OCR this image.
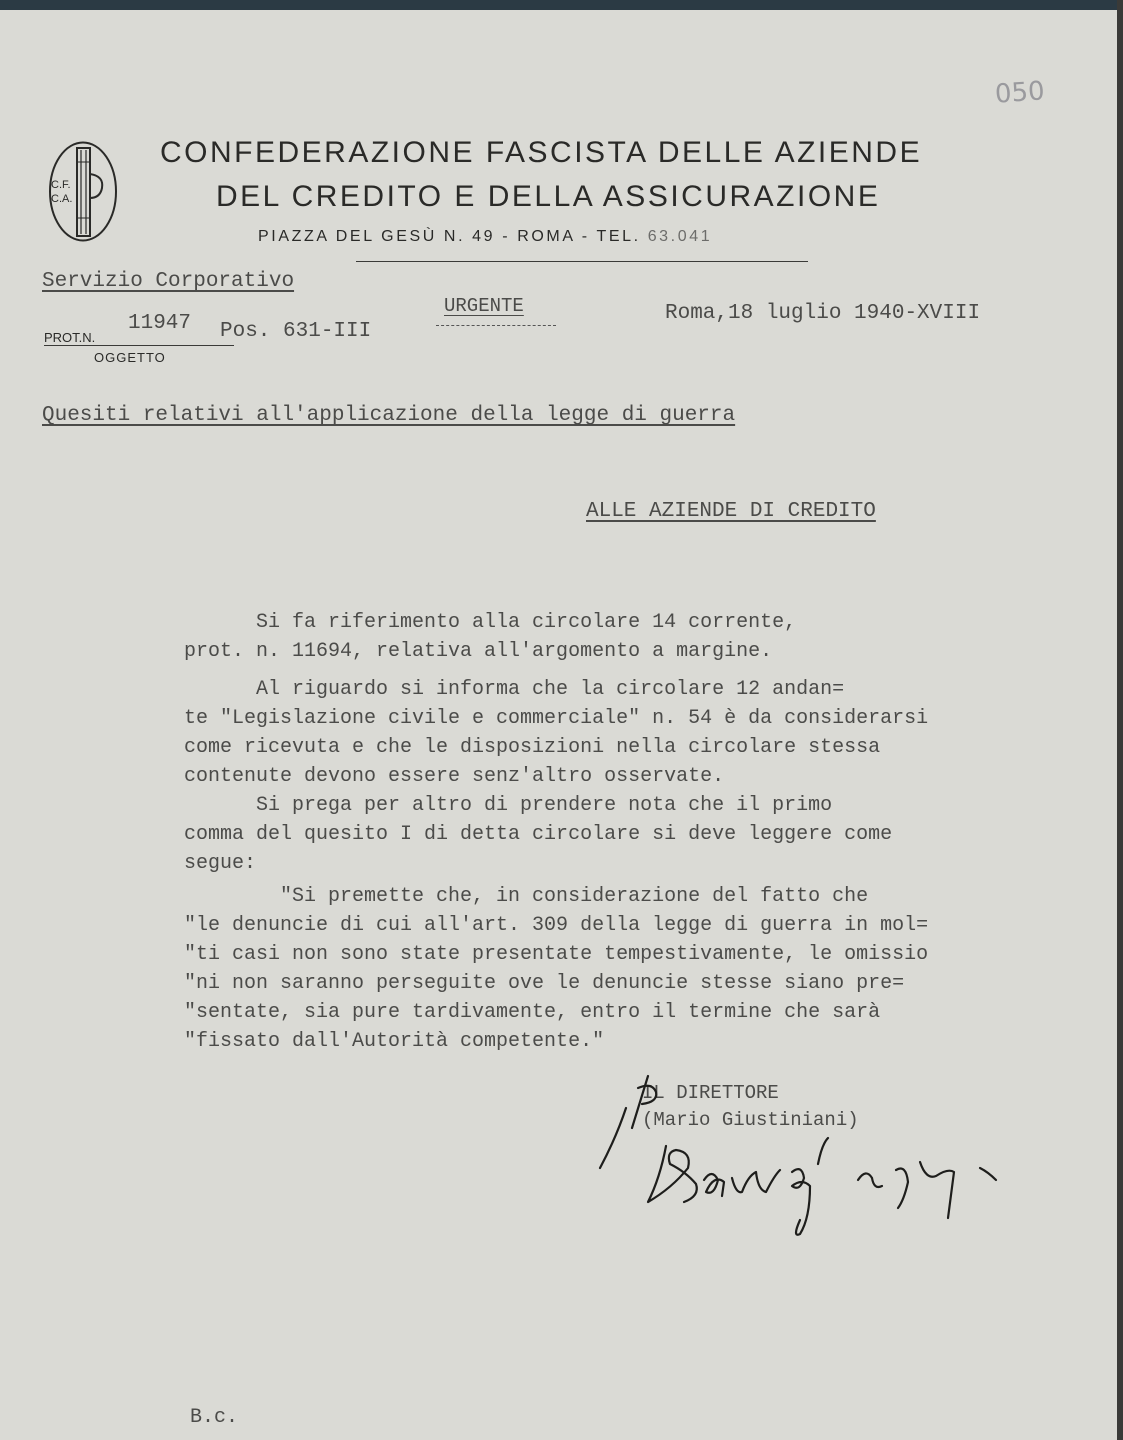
050
C.F.
C.A.
CONFEDERAZIONE FASCISTA DELLE AZIENDE
DEL CREDITO E DELLA ASSICURAZIONE
PIAZZA DEL GESÙ N. 49 - ROMA - TEL. 63.041
Servizio Corporativo
PROT.N.
11947 Pos. 631-III
OGGETTO
URGENTE	Roma,18 luglio 1940-XVIII
Quesiti relativi all'applicazione della legge di guerra
ALLE AZIENDE DI CREDITO
Si fa riferimento alla circolare 14 corrente,
prot. n. 11694, relativa all'argomento a margine.
Al riguardo si informa che la circolare 12 andan=
te "Legislazione civile e commerciale" n. 54 è da considerarsi
come ricevuta e che le disposizioni nella circolare stessa
contenute devono essere senz'altro osservate.
Si prega per altro di prendere nota che il primo
comma del quesito I di detta circolare si deve leggere come
segue:
"Si premette che, in considerazione del fatto che
"le denuncie di cui all'art. 309 della legge di guerra in mol=
"ti casi non sono state presentate tempestivamente, le omissio
"ni non saranno perseguite ove le denuncie stesse siano pre=
"sentate, sia pure tardivamente, entro il termine che sarà
"fissato dall'Autorità competente."
IL DIRETTORE
(Mario Giustiniani)
B.c.
